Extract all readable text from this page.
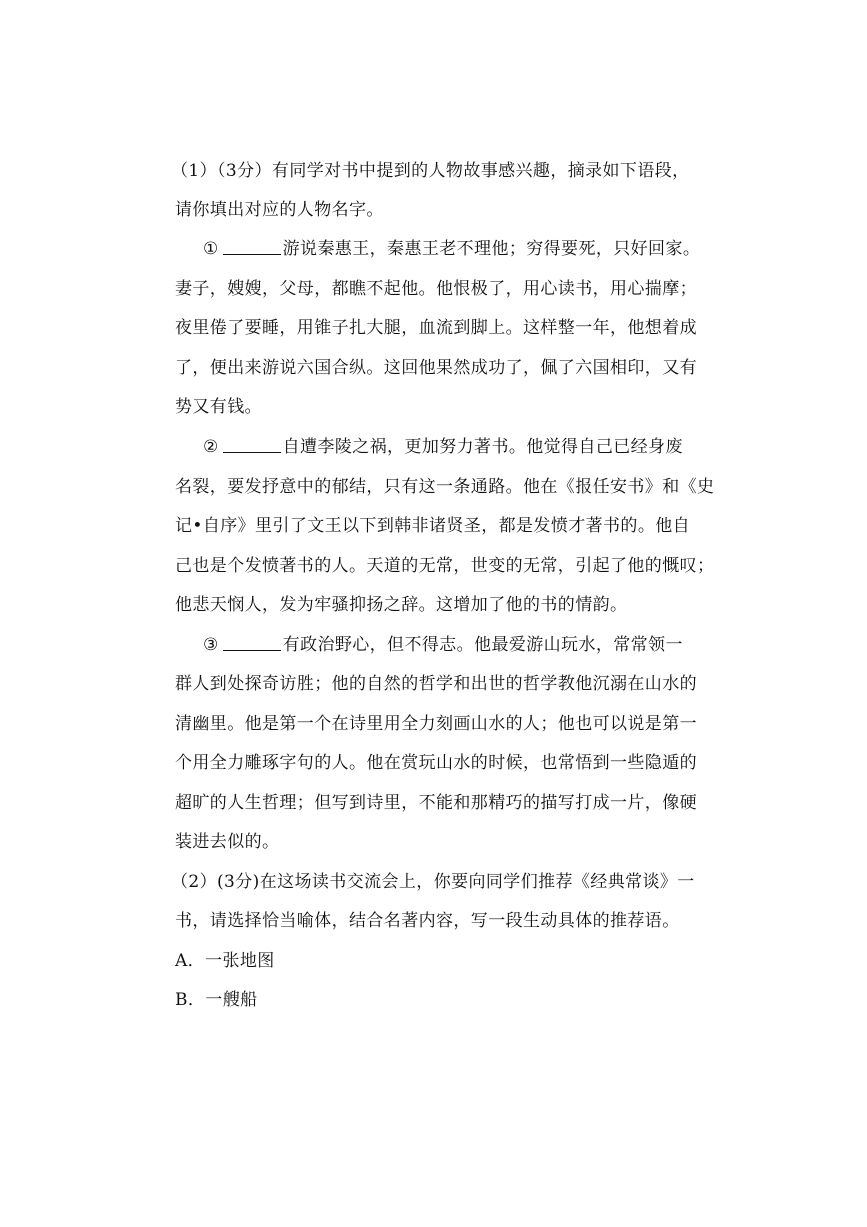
（1）（3分）有同学对书中提到的人物故事感兴趣，摘录如下语段，
请你填出对应的人物名字。
①	游说秦惠王，秦惠王老不理他；穷得要死，只好回家。
妻子，嫂嫂，父母，都瞧不起他。他恨极了，用心读书，用心揣摩；
夜里倦了要睡，用锥子扎大腿，血流到脚上。这样整一年，他想着成
了，便出来游说六国合纵。这回他果然成功了，佩了六国相印，又有
势又有钱。
②	自遭李陵之祸，更加努力著书。他觉得自己已经身废
名裂，要发抒意中的郁结，只有这一条通路。他在《报任安书》和《史
记•自序》里引了文王以下到韩非诸贤圣，都是发愤才著书的。他自
己也是个发愤著书的人。天道的无常，世变的无常，引起了他的慨叹；
他悲天悯人，发为牢骚抑扬之辞。这增加了他的书的情韵。
③	有政治野心，但不得志。他最爱游山玩水，常常领一
群人到处探奇访胜；他的自然的哲学和出世的哲学教他沉溺在山水的
清幽里。他是第一个在诗里用全力刻画山水的人；他也可以说是第一
个用全力雕琢字句的人。他在赏玩山水的时候，也常悟到一些隐遁的
超旷的人生哲理；但写到诗里，不能和那精巧的描写打成一片，像硬
装进去似的。
（2）(3分)在这场读书交流会上，你要向同学们推荐《经典常谈》一
书，请选择恰当喻体，结合名著内容，写一段生动具体的推荐语。
A．一张地图
B．一艘船
